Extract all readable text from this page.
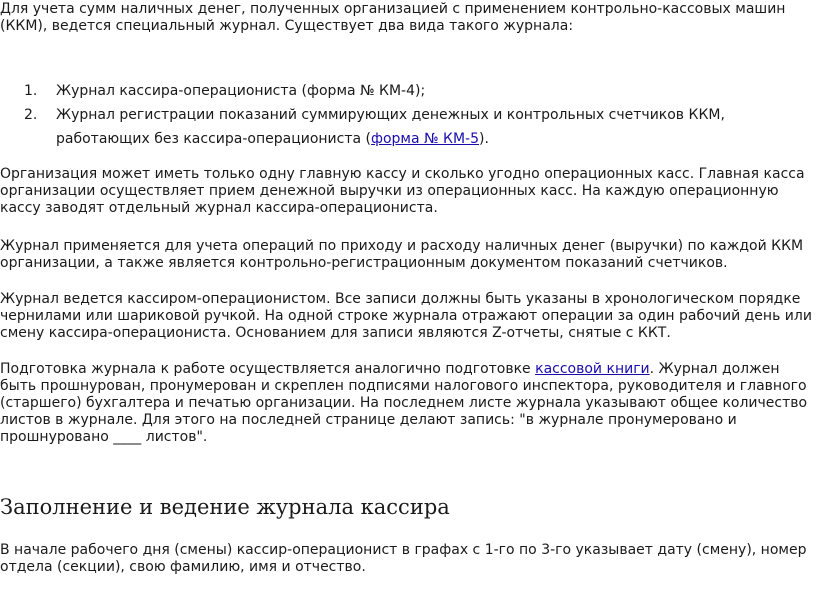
Для учета сумм наличных денег, полученных организацией с применением контрольно-кассовых машин (ККМ), ведется специальный журнал. Существует два вида такого журнала:

1. Журнал кассира-операциониста (форма № КМ-4);
2. Журнал регистрации показаний суммирующих денежных и контрольных счетчиков ККМ, работающих без кассира-операциониста (форма № КМ-5).

Организация может иметь только одну главную кассу и сколько угодно операционных касс. Главная касса организации осуществляет прием денежной выручки из операционных касс. На каждую операционную кассу заводят отдельный журнал кассира-операциониста.

Журнал применяется для учета операций по приходу и расходу наличных денег (выручки) по каждой ККМ организации, а также является контрольно-регистрационным документом показаний счетчиков.

Журнал ведется кассиром-операционистом. Все записи должны быть указаны в хронологическом порядке чернилами или шариковой ручкой. На одной строке журнала отражают операции за один рабочий день или смену кассира-операциониста. Основанием для записи являются Z-отчеты, снятые с ККТ.

Подготовка журнала к работе осуществляется аналогично подготовке кассовой книги. Журнал должен быть прошнурован, пронумерован и скреплен подписями налогового инспектора, руководителя и главного (старшего) бухгалтера и печатью организации. На последнем листе журнала указывают общее количество листов в журнале. Для этого на последней странице делают запись: "в журнале пронумеровано и прошнуровано ____ листов".

Заполнение и ведение журнала кассира

В начале рабочего дня (смены) кассир-операционист в графах с 1-го по 3-го указывает дату (смену), номер отдела (секции), свою фамилию, имя и отчество.
